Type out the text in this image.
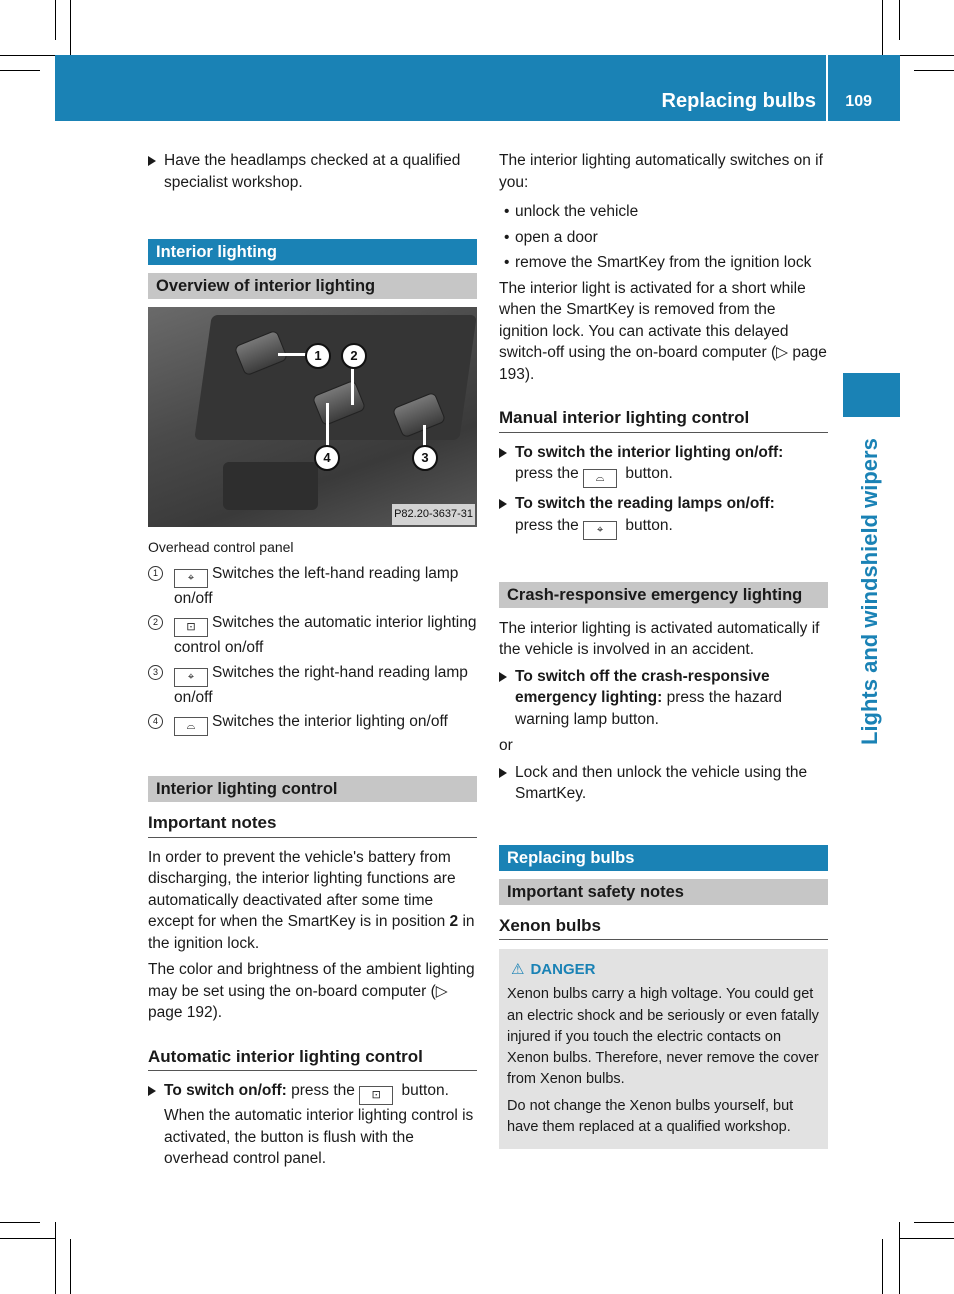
Replacing bulbs 109
Lights and windshield wipers
Have the headlamps checked at a qualified specialist workshop.
Interior lighting
Overview of interior lighting
1	2
3
4
P82.20-3637-31
Overhead control panel
1	⌖ Switches the left-hand reading lamp on/off
2	⊡ Switches the automatic interior lighting control on/off
3	⌖ Switches the right-hand reading lamp on/off
4	⌓ Switches the interior lighting on/off
Interior lighting control
Important notes

In order to prevent the vehicle's battery from discharging, the interior lighting functions are automatically deactivated after some time except for when the SmartKey is in position 2 in the ignition lock.

The color and brightness of the ambient lighting may be set using the on-board computer (▷ page 192).

Automatic interior lighting control
To switch on/off: press the ⊡ button. When the automatic interior lighting control is activated, the button is flush with the overhead control panel.

The interior lighting automatically switches on if you:

• unlock the vehicle
• open a door
• remove the SmartKey from the ignition lock

The interior light is activated for a short while when the SmartKey is removed from the ignition lock. You can activate this delayed switch-off using the on-board computer (▷ page 193).

Manual interior lighting control
To switch the interior lighting on/off:
press the ⌓ button.
To switch the reading lamps on/off:
press the ⌖ button.
Crash-responsive emergency lighting

The interior lighting is activated automatically if the vehicle is involved in an accident.

To switch off the crash-responsive emergency lighting: press the hazard warning lamp button.

or

Lock and then unlock the vehicle using the SmartKey.
Replacing bulbs
Important safety notes
Xenon bulbs
⚠ DANGER

Xenon bulbs carry a high voltage. You could get an electric shock and be seriously or even fatally injured if you touch the electric contacts on Xenon bulbs. Therefore, never remove the cover from Xenon bulbs.

Do not change the Xenon bulbs yourself, but have them replaced at a qualified workshop.
